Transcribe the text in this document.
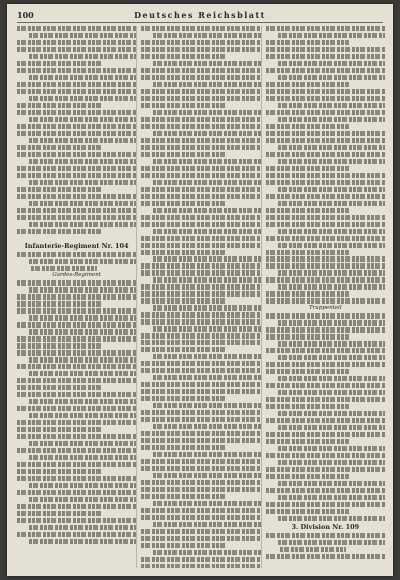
100	Deutsches Reichsblatt
Infanterie-Regiment Nr. 104
Gardes-Regiment
Truppenteil
3. Division Nr. 109
